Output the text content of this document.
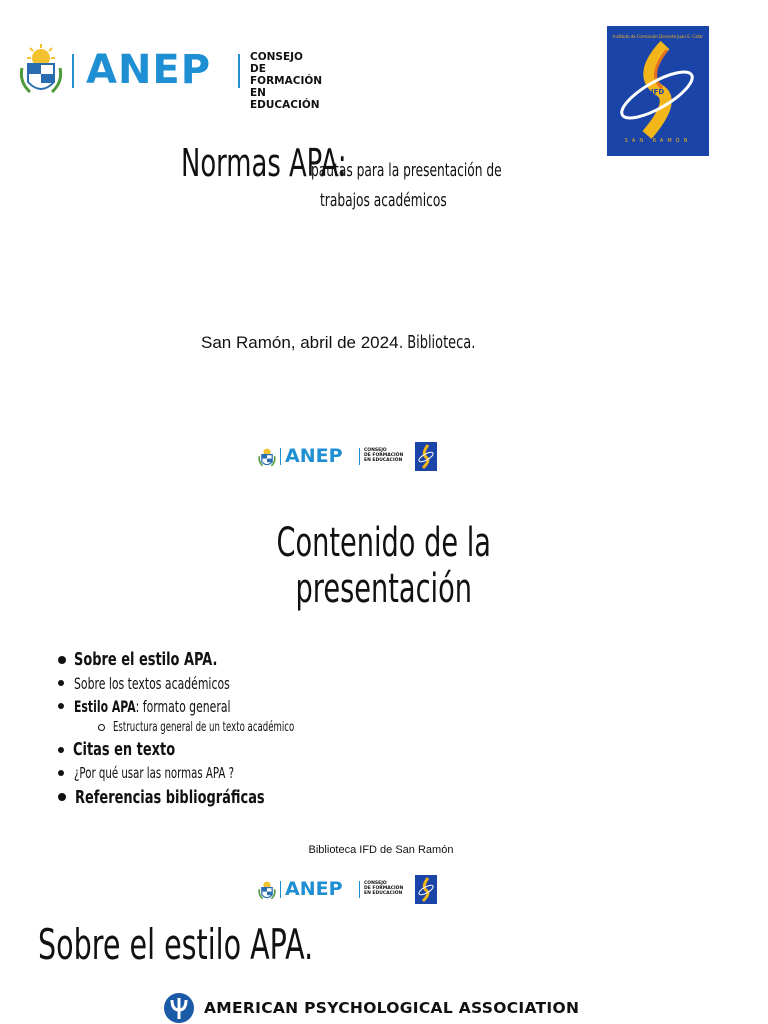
ANEP	CONSEJO
DE FORMACIÓN
EN EDUCACIÓN
Instituto de Formación Docente Juan E. Cafar
IFD
SAN RAMÓN
Normas APA:pautas para la presentación de
trabajos académicos
San Ramón, abril de 2024. Biblioteca.
ANEP	CONSEJO
DE FORMACIÓN
EN EDUCACIÓN
Contenido de la
presentación
Sobre el estilo APA.
Sobre los textos académicos
Estilo APA: formato general
Estructura general de un texto académico
Citas en texto
¿Por qué usar las normas APA ?
Referencias bibliográficas
Biblioteca IFD de San Ramón
ANEP	CONSEJO
DE FORMACIÓN
EN EDUCACIÓN
Sobre el estilo APA.
AMERICAN PSYCHOLOGICAL ASSOCIATION
